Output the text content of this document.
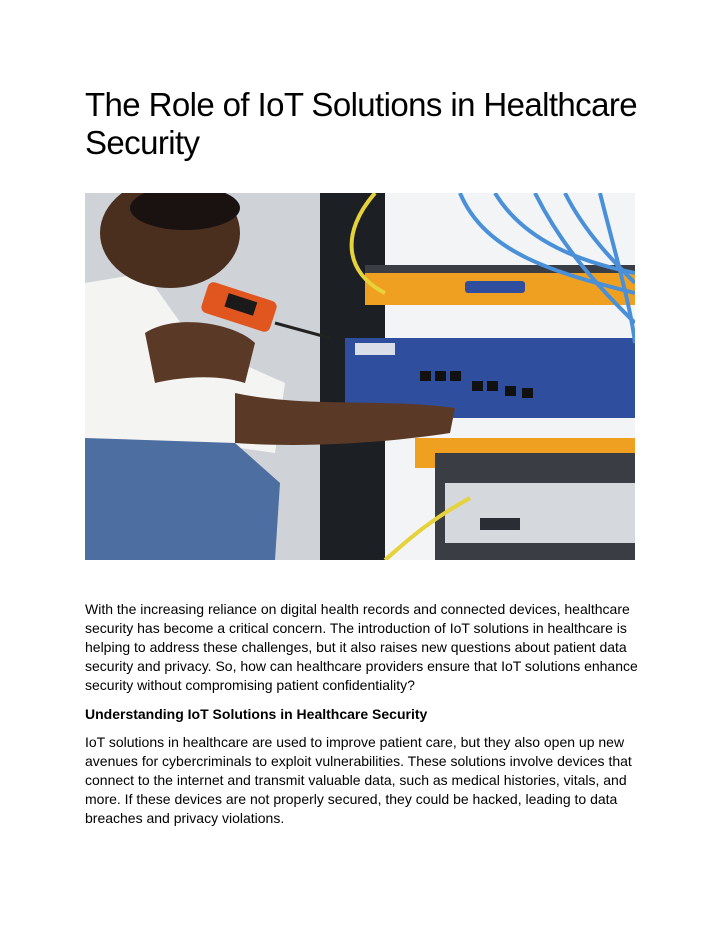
The Role of IoT Solutions in Healthcare Security

With the increasing reliance on digital health records and connected devices, healthcare security has become a critical concern. The introduction of IoT solutions in healthcare is helping to address these challenges, but it also raises new questions about patient data security and privacy. So, how can healthcare providers ensure that IoT solutions enhance security without compromising patient confidentiality?

Understanding IoT Solutions in Healthcare Security

IoT solutions in healthcare are used to improve patient care, but they also open up new avenues for cybercriminals to exploit vulnerabilities. These solutions involve devices that connect to the internet and transmit valuable data, such as medical histories, vitals, and more. If these devices are not properly secured, they could be hacked, leading to data breaches and privacy violations.
